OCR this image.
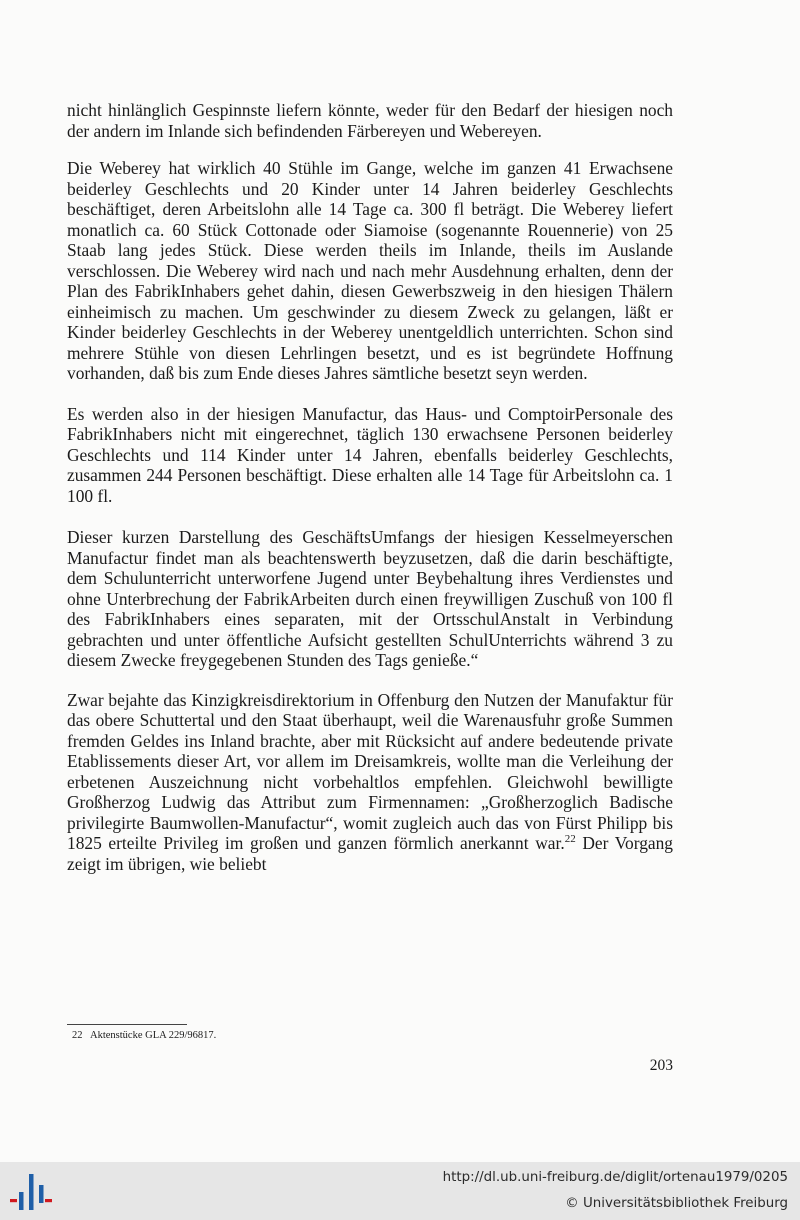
nicht hinlänglich Gespinnste liefern könnte, weder für den Bedarf der hiesigen noch der andern im Inlande sich befindenden Färbereyen und Webereyen.

Die Weberey hat wirklich 40 Stühle im Gange, welche im ganzen 41 Erwachsene beiderley Geschlechts und 20 Kinder unter 14 Jahren beiderley Geschlechts beschäftiget, deren Arbeitslohn alle 14 Tage ca. 300 fl beträgt. Die Weberey liefert monatlich ca. 60 Stück Cottonade oder Siamoise (sogenannte Rouennerie) von 25 Staab lang jedes Stück. Diese werden theils im Inlande, theils im Auslande verschlossen. Die Weberey wird nach und nach mehr Ausdehnung erhalten, denn der Plan des FabrikInhabers gehet dahin, diesen Gewerbszweig in den hiesigen Thälern einheimisch zu machen. Um geschwinder zu diesem Zweck zu gelangen, läßt er Kinder beiderley Geschlechts in der Weberey unentgeldlich unterrichten. Schon sind mehrere Stühle von diesen Lehrlingen besetzt, und es ist begründete Hoffnung vorhanden, daß bis zum Ende dieses Jahres sämtliche besetzt seyn werden.

Es werden also in der hiesigen Manufactur, das Haus- und ComptoirPersonale des FabrikInhabers nicht mit eingerechnet, täglich 130 erwachsene Personen beiderley Geschlechts und 114 Kinder unter 14 Jahren, ebenfalls beiderley Geschlechts, zusammen 244 Personen beschäftigt. Diese erhalten alle 14 Tage für Arbeitslohn ca. 1 100 fl.

Dieser kurzen Darstellung des GeschäftsUmfangs der hiesigen Kesselmeyerschen Manufactur findet man als beachtenswerth beyzusetzen, daß die darin beschäftigte, dem Schulunterricht unterworfene Jugend unter Beybehaltung ihres Verdienstes und ohne Unterbrechung der FabrikArbeiten durch einen freywilligen Zuschuß von 100 fl des FabrikInhabers eines separaten, mit der OrtsschulAnstalt in Verbindung gebrachten und unter öffentliche Aufsicht gestellten SchulUnterrichts während 3 zu diesem Zwecke freygegebenen Stunden des Tags genieße.“

Zwar bejahte das Kinzigkreisdirektorium in Offenburg den Nutzen der Manufaktur für das obere Schuttertal und den Staat überhaupt, weil die Warenausfuhr große Summen fremden Geldes ins Inland brachte, aber mit Rücksicht auf andere bedeutende private Etablissements dieser Art, vor allem im Dreisamkreis, wollte man die Verleihung der erbetenen Auszeichnung nicht vorbehaltlos empfehlen. Gleichwohl bewilligte Großherzog Ludwig das Attribut zum Firmennamen: „Großherzoglich Badische privilegirte Baumwollen-Manufactur“, womit zugleich auch das von Fürst Philipp bis 1825 erteilte Privileg im großen und ganzen förmlich anerkannt war.$^{22}$ Der Vorgang zeigt im übrigen, wie beliebt

22 Aktenstücke GLA 229/96817.
203
http://dl.ub.uni-freiburg.de/diglit/ortenau1979/0205
© Universitätsbibliothek Freiburg
